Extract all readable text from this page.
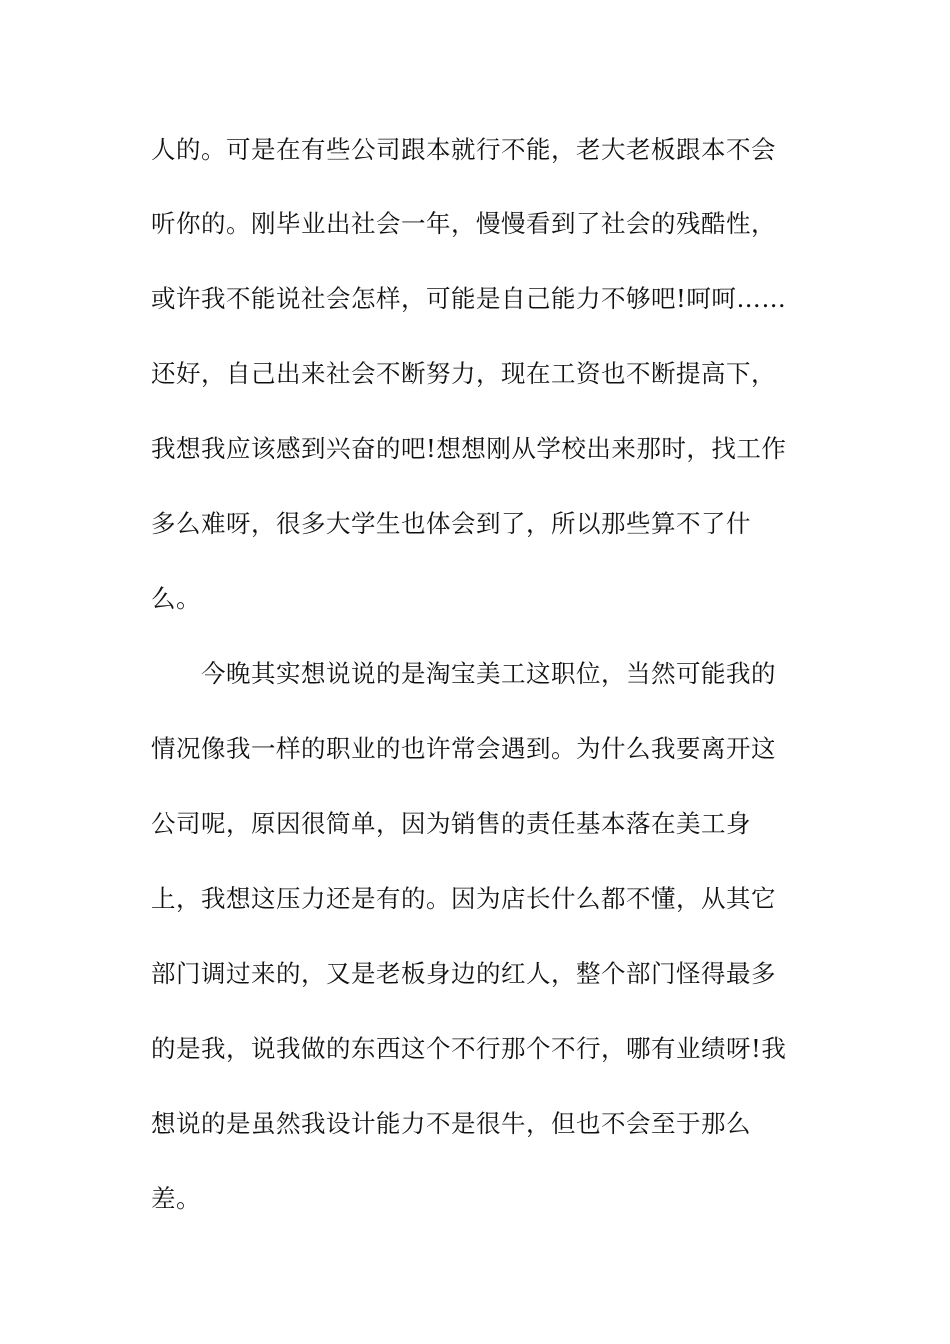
人的。可是在有些公司跟本就行不能，老大老板跟本不会
听你的。刚毕业出社会一年，慢慢看到了社会的残酷性，
或许我不能说社会怎样，可能是自己能力不够吧!呵呵……
还好，自己出来社会不断努力，现在工资也不断提高下，
我想我应该感到兴奋的吧!想想刚从学校出来那时，找工作
多么难呀，很多大学生也体会到了，所以那些算不了什
么。
今晚其实想说说的是淘宝美工这职位，当然可能我的
情况像我一样的职业的也许常会遇到。为什么我要离开这
公司呢，原因很简单，因为销售的责任基本落在美工身
上，我想这压力还是有的。因为店长什么都不懂，从其它
部门调过来的，又是老板身边的红人，整个部门怪得最多
的是我，说我做的东西这个不行那个不行，哪有业绩呀!我
想说的是虽然我设计能力不是很牛，但也不会至于那么
差。
